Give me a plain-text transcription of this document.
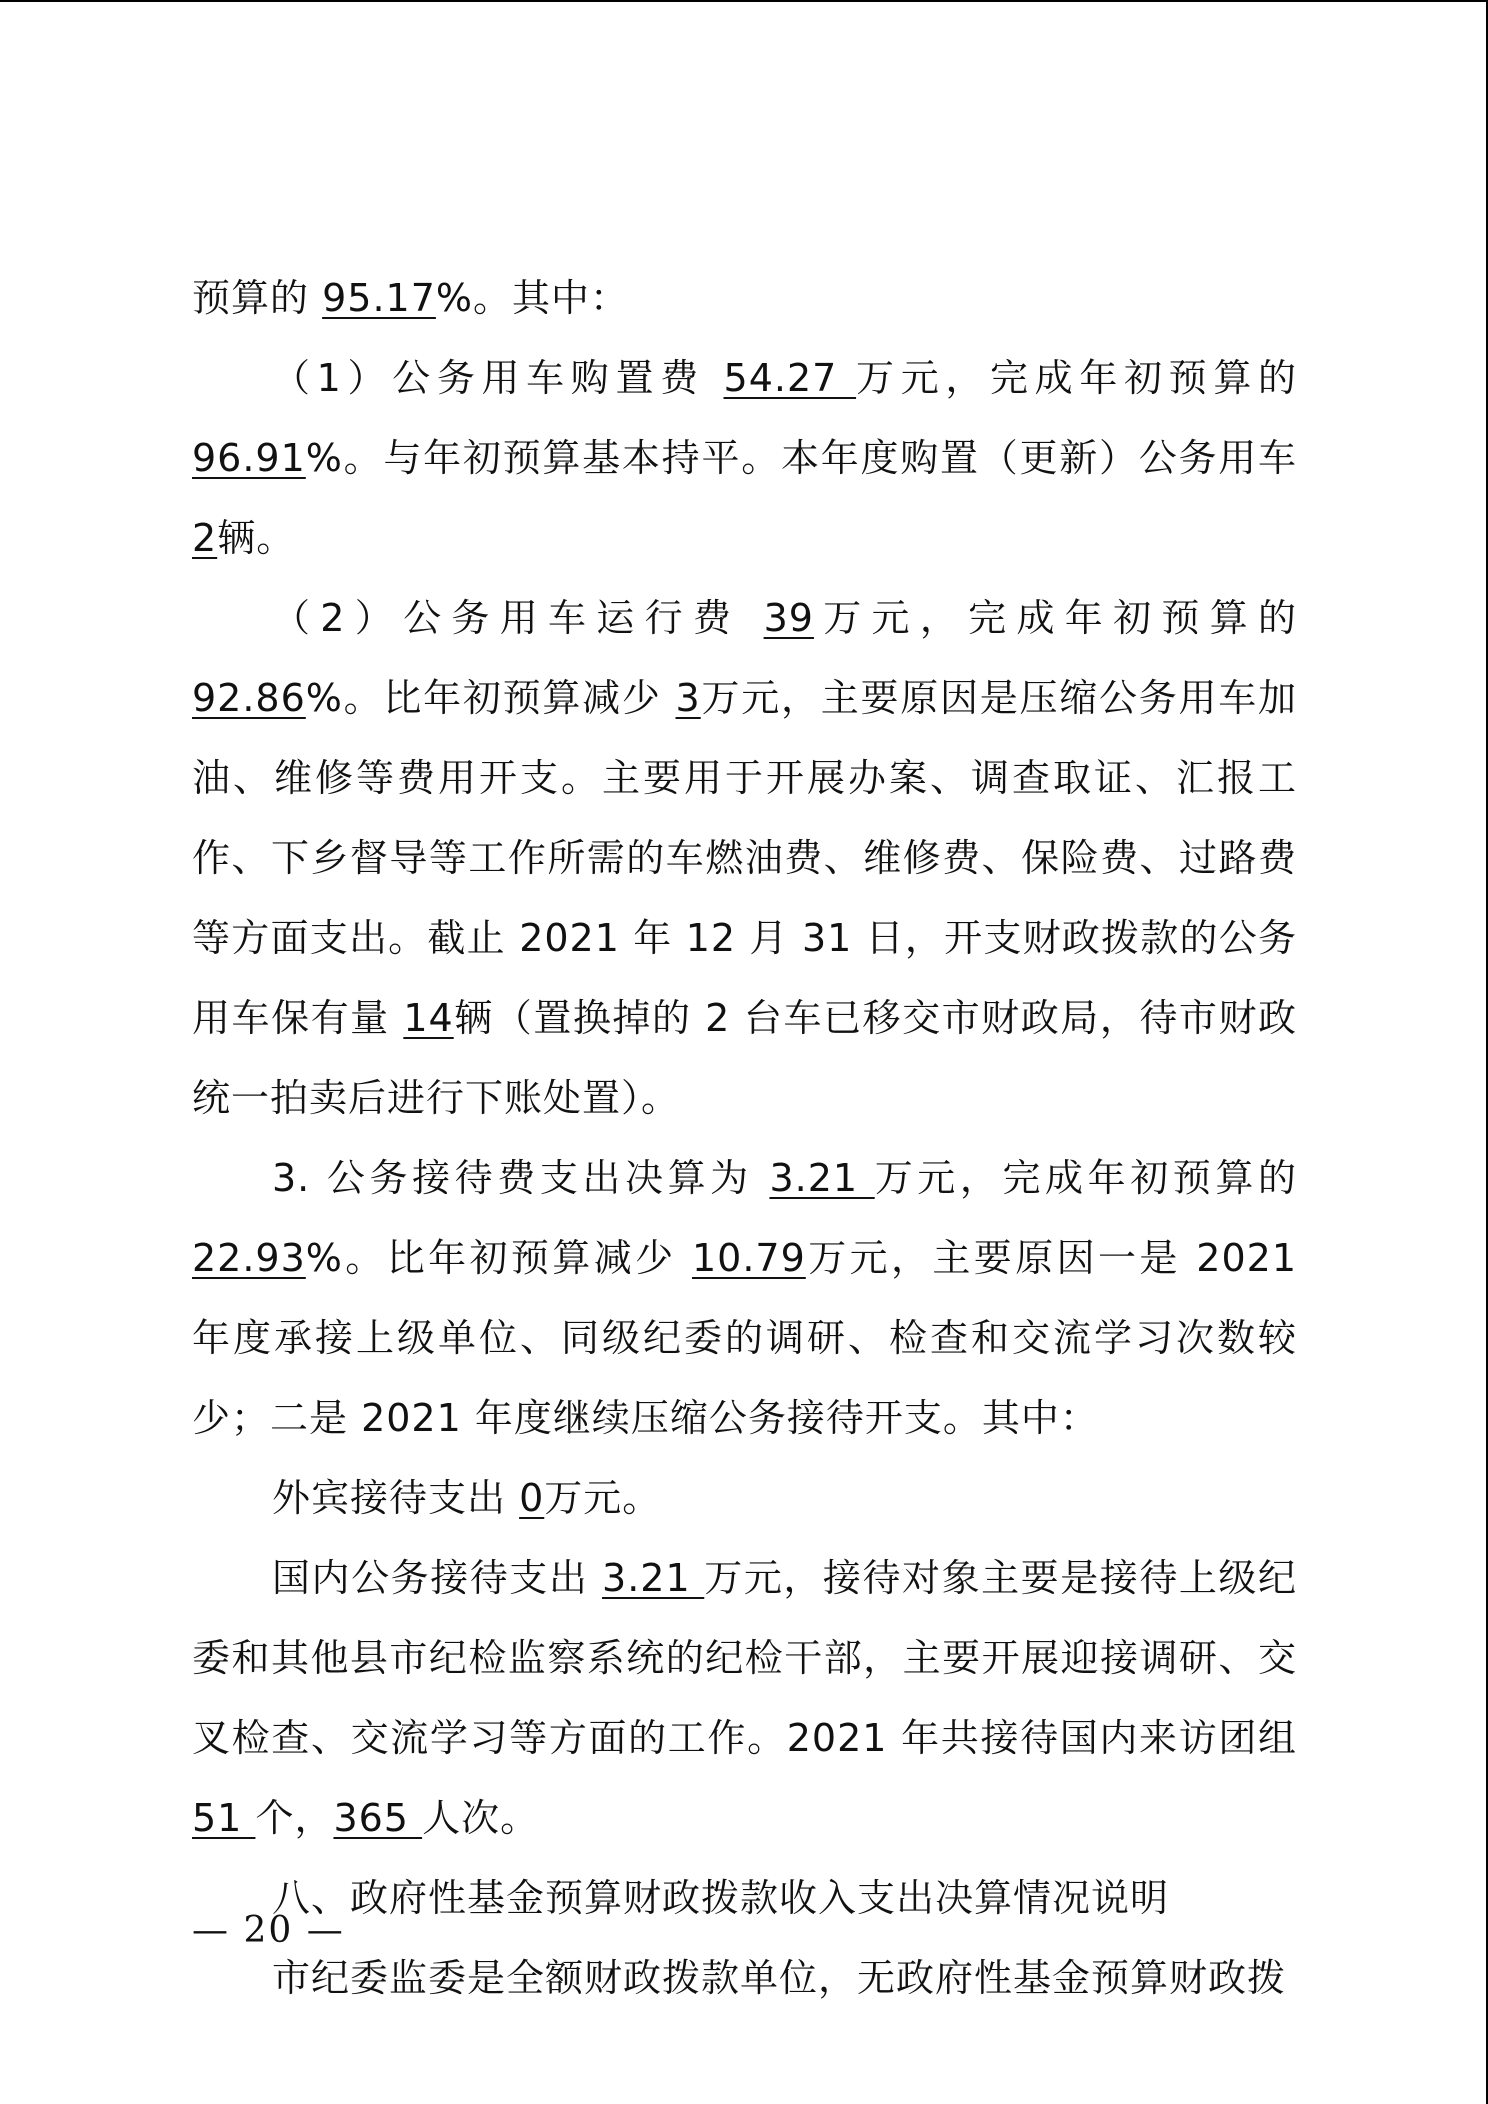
预算的 95.17%。其中：

（1）公务用车购置费 54.27 万元，完成年初预算的 96.91%。与年初预算基本持平。本年度购置（更新）公务用车 2辆。

（2）公务用车运行费 39万元，完成年初预算的 92.86%。比年初预算减少 3万元，主要原因是压缩公务用车加油、维修等费用开支。主要用于开展办案、调查取证、汇报工作、下乡督导等工作所需的车燃油费、维修费、保险费、过路费等方面支出。截止 2021 年 12 月 31 日，开支财政拨款的公务用车保有量 14辆（置换掉的 2 台车已移交市财政局，待市财政统一拍卖后进行下账处置）。

3. 公务接待费支出决算为 3.21 万元，完成年初预算的 22.93%。比年初预算减少 10.79万元，主要原因一是 2021 年度承接上级单位、同级纪委的调研、检查和交流学习次数较少；二是 2021 年度继续压缩公务接待开支。其中：

外宾接待支出 0万元。

国内公务接待支出 3.21 万元，接待对象主要是接待上级纪委和其他县市纪检监察系统的纪检干部，主要开展迎接调研、交叉检查、交流学习等方面的工作。2021 年共接待国内来访团组 51 个，365 人次。

八、政府性基金预算财政拨款收入支出决算情况说明

市纪委监委是全额财政拨款单位，无政府性基金预算财政拨

— 20 —
